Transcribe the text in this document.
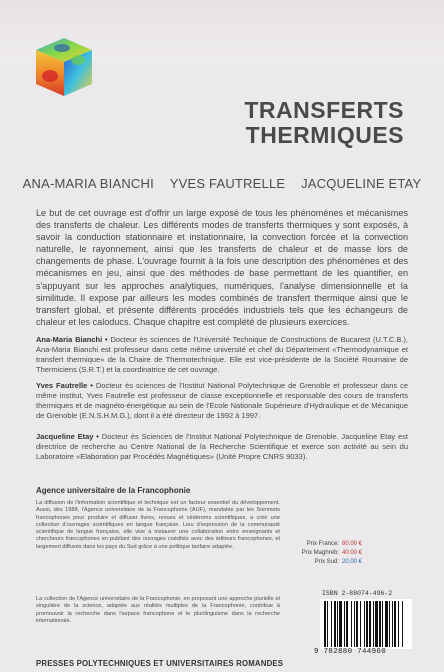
TRANSFERTS
THERMIQUES
ANA-MARIA BIANCHI YVES FAUTRELLE JACQUELINE ETAY
Le but de cet ouvrage est d'offrir un large exposé de tous les phénomènes et mécanismes des transferts de chaleur. Les différents modes de transferts thermiques y sont exposés, à savoir la conduction stationnaire et instationnaire, la convection forcée et la convection naturelle, le rayonnement, ainsi que les transferts de chaleur et de masse lors de changements de phase. L'ouvrage fournit à la fois une description des phénomènes et des mécanismes en jeu, ainsi que des méthodes de base permettant de les quantifier, en s'appuyant sur les approches analytiques, numériques, l'analyse dimensionnelle et la similitude. Il expose par ailleurs les modes combinés de transfert thermique ainsi que le transfert global, et présente différents procédés industriels tels que les échangeurs de chaleur et les caloducs. Chaque chapitre est complété de plusieurs exercices.
Ana-Maria Bianchi • Docteur ès sciences de l'Université Technique de Constructions de Bucarest (U.T.C.B.), Ana-Maria Bianchi est professeur dans cette même université et chef du Département «Thermodynamique et transfert thermique» de la Chaire de Thermotechnique. Elle est vice-présidente de la Société Roumaine de Thermiciens (S.R.T.) et la coordinatrice de cet ouvrage.
Yves Fautrelle • Docteur ès sciences de l'Institut National Polytechnique de Grenoble et professeur dans ce même institut, Yves Fautrelle est professeur de classe exceptionnelle et responsable des cours de transferts thermiques et de magnéto-énergétique au sein de l'Ecole Nationale Supérieure d'Hydraulique et de Mécanique de Grenoble (E.N.S.H.M.G.), dont il a été directeur de 1992 à 1997.
Jacqueline Etay • Docteur ès Sciences de l'Institut National Polytechnique de Grenoble. Jacqueline Etay est directrice de recherche au Centre National de la Recherche Scientifique et exerce son activité au sein du Laboratoire «Elaboration par Procédés Magnétiques» (Unité Propre CNRS 9033).
Agence universitaire de la Francophonie
La diffusion de l'information scientifique et technique est un facteur essentiel du développement. Aussi, dès 1988, l'Agence universitaire de la Francophonie (AUF), mandatée par les Sommets francophones pour produire et diffuser livres, revues et cédéroms scientifiques, a créé une collection d'ouvrages scientifiques en langue française. Lieu d'expression de la communauté scientifique de langue française, elle vise à instaurer une collaboration entre enseignants et chercheurs francophones en publiant des ouvrages coédités avec des éditeurs francophones, et largement diffusés dans les pays du Sud grâce à une politique tarifaire adaptée.
La collection de l'Agence universitaire de la Francophonie, en proposant une approche plurielle et singulière de la science, adaptée aux réalités multiples de la Francophonie, contribue à promouvoir la recherche dans l'espace francophone et le plurilinguisme dans la recherche internationale.
Prix France: 80.00 €
Prix Maghreb: 40.00 €
Prix Sud: 20.00 €
ISBN 2-88074-496-2
9 782880 744960
PRESSES POLYTECHNIQUES ET UNIVERSITAIRES ROMANDES
